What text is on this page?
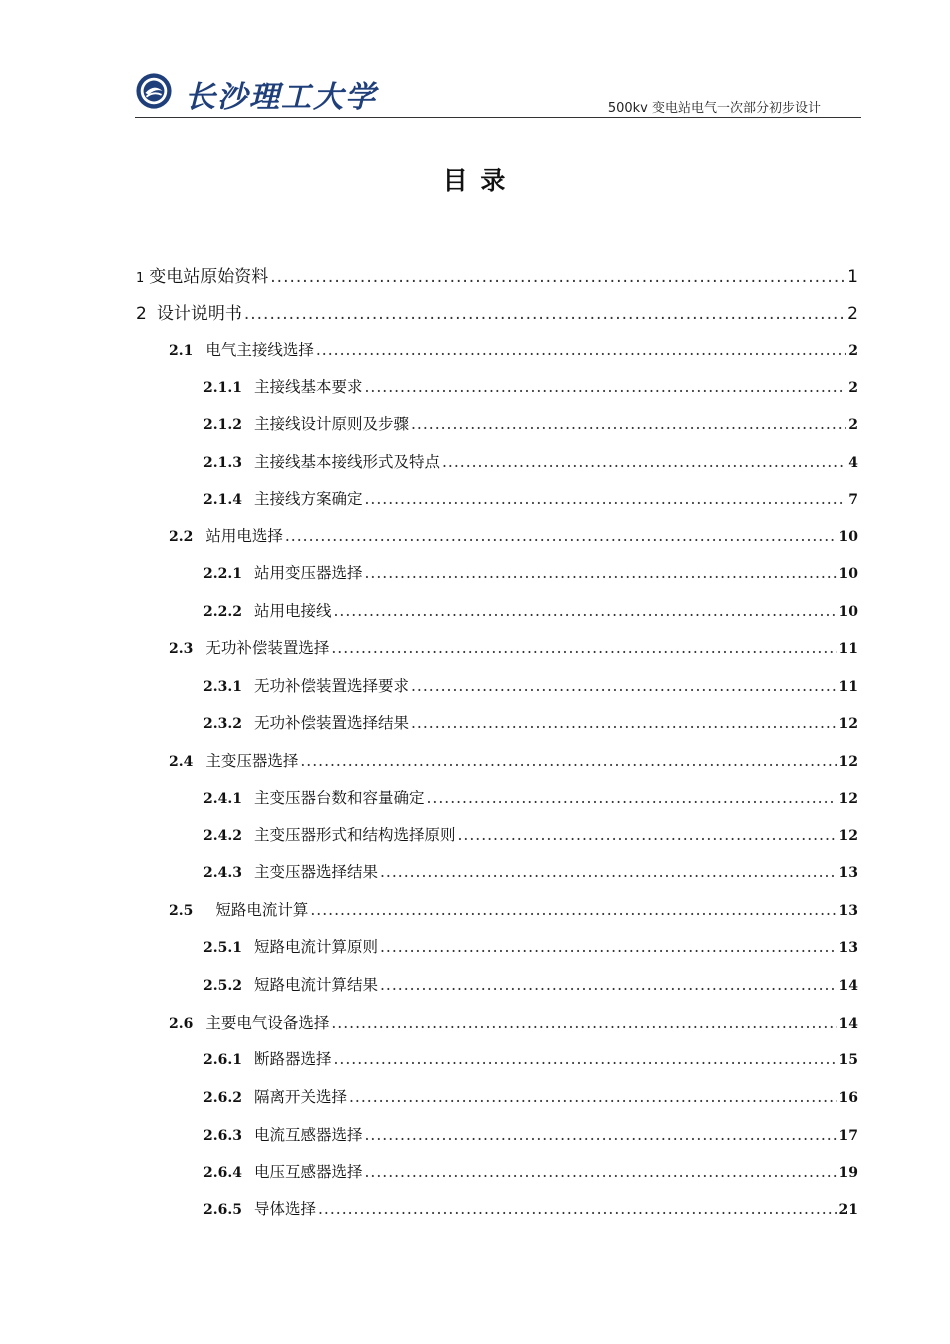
长沙理工大学	500kv 变电站电气一次部分初步设计
目 录
1 变电站原始资料 .....	1
2 设计说明书 .....	2
2.1 电气主接线选择 .....	2
2.1.1 主接线基本要求 .....	2
2.1.2 主接线设计原则及步骤 .....	2
2.1.3 主接线基本接线形式及特点 .....	4
2.1.4 主接线方案确定 .....	7
2.2 站用电选择 .....	10
2.2.1 站用变压器选择 .....	10
2.2.2 站用电接线 .....	10
2.3 无功补偿装置选择 .....	11
2.3.1 无功补偿装置选择要求 .....	11
2.3.2 无功补偿装置选择结果 .....	12
2.4 主变压器选择 .....	12
2.4.1 主变压器台数和容量确定 .....	12
2.4.2 主变压器形式和结构选择原则 .....	12
2.4.3 主变压器选择结果 .....	13
2.5 短路电流计算 .....	13
2.5.1 短路电流计算原则 .....	13
2.5.2 短路电流计算结果 .....	14
2.6 主要电气设备选择 .....	14
2.6.1 断路器选择 .....	15
2.6.2 隔离开关选择 .....	16
2.6.3 电流互感器选择 .....	17
2.6.4 电压互感器选择 .....	19
2.6.5 导体选择 .....	21
